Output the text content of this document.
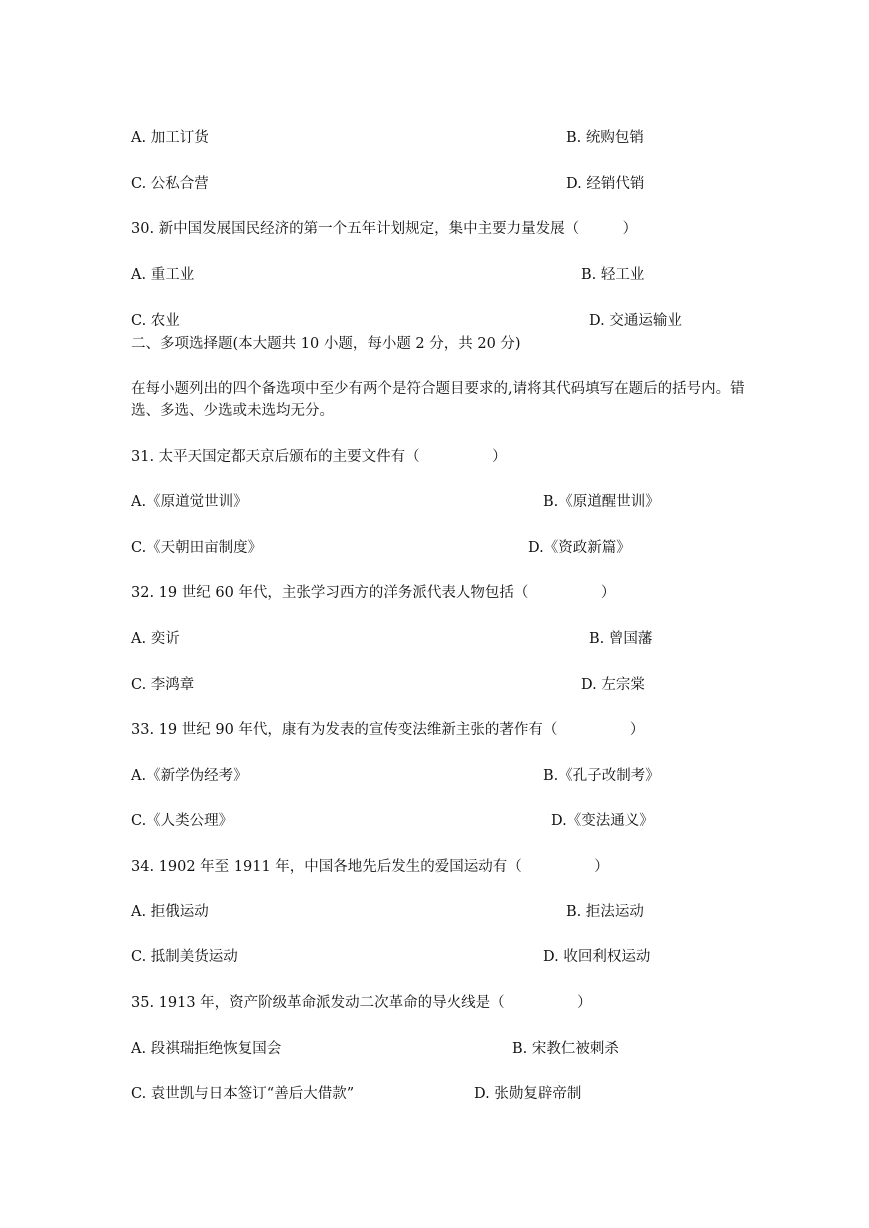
A. 加工订货	B. 统购包销
C. 公私合营	D. 经销代销
30. 新中国发展国民经济的第一个五年计划规定，集中主要力量发展（　　　）
A. 重工业	B. 轻工业
C. 农业	D. 交通运输业
二、多项选择题(本大题共 10 小题，每小题 2 分，共 20 分)
在每小题列出的四个备选项中至少有两个是符合题目要求的,请将其代码填写在题后的括号内。错选、多选、少选或未选均无分。
31. 太平天国定都天京后颁布的主要文件有（　　　　　）
A.《原道觉世训》	B.《原道醒世训》
C.《天朝田亩制度》	D.《资政新篇》
32. 19 世纪 60 年代，主张学习西方的洋务派代表人物包括（　　　　　）
A. 奕䜣	B. 曾国藩
C. 李鸿章	D. 左宗棠
33. 19 世纪 90 年代，康有为发表的宣传变法维新主张的著作有（　　　　　）
A.《新学伪经考》	B.《孔子改制考》
C.《人类公理》	D.《变法通义》
34. 1902 年至 1911 年，中国各地先后发生的爱国运动有（　　　　　）
A. 拒俄运动	B. 拒法运动
C. 抵制美货运动	D. 收回利权运动
35. 1913 年，资产阶级革命派发动二次革命的导火线是（　　　　　）
A. 段祺瑞拒绝恢复国会	B. 宋教仁被刺杀
C. 袁世凯与日本签订“善后大借款”	D. 张勋复辟帝制
